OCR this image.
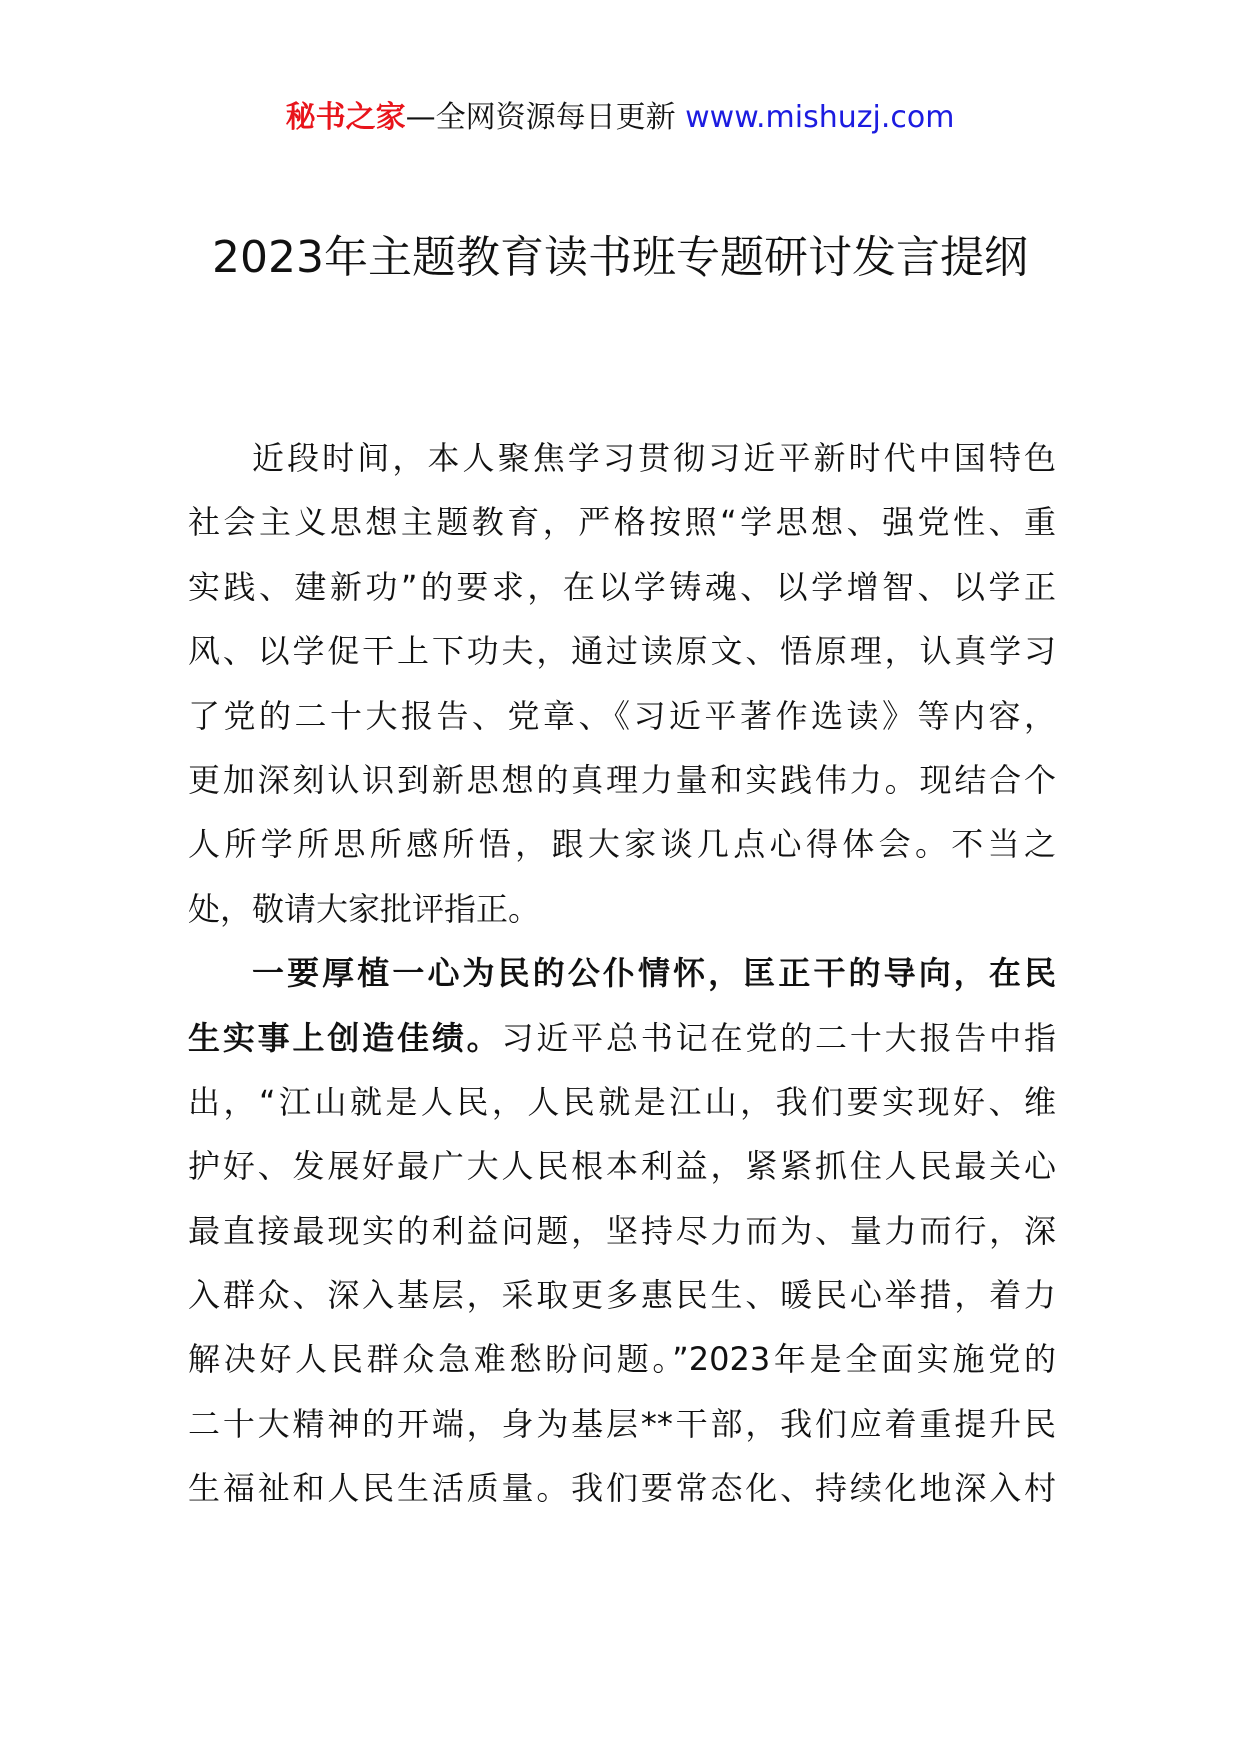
秘书之家—全网资源每日更新 www.mishuzj.com
2023年主题教育读书班专题研讨发言提纲
近段时间，本人聚焦学习贯彻习近平新时代中国特色
社会主义思想主题教育，严格按照“学思想、强党性、重
实践、建新功”的要求，在以学铸魂、以学增智、以学正
风、以学促干上下功夫，通过读原文、悟原理，认真学习
了党的二十大报告、党章、《习近平著作选读》等内容，
更加深刻认识到新思想的真理力量和实践伟力。现结合个
人所学所思所感所悟，跟大家谈几点心得体会。不当之
处，敬请大家批评指正。
一要厚植一心为民的公仆情怀，匡正干的导向，在民
生实事上创造佳绩。习近平总书记在党的二十大报告中指
出，“江山就是人民，人民就是江山，我们要实现好、维
护好、发展好最广大人民根本利益，紧紧抓住人民最关心
最直接最现实的利益问题，坚持尽力而为、量力而行，深
入群众、深入基层，采取更多惠民生、暖民心举措，着力
解决好人民群众急难愁盼问题。”2023年是全面实施党的
二十大精神的开端，身为基层**干部，我们应着重提升民
生福祉和人民生活质量。我们要常态化、持续化地深入村
